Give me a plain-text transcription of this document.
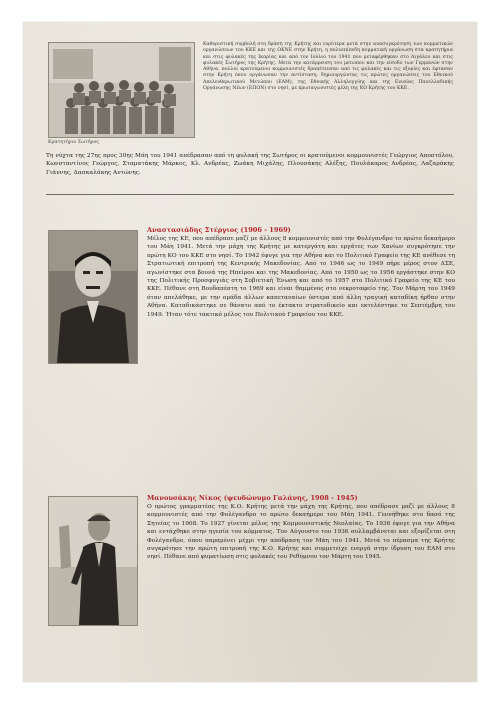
Κρατητήριο Σωτήρος

Καθοριστική συμβολή στη δράση της Κρήτης και ευρύτερα μετά στην ανασυγκρότηση των κομματικών οργανώσεων του ΚΚΕ και της ΟΚΝΕ στην Κρήτη, η πολυεπίπεδη κομματική οργάνωση στα κρατητήρια και στις φυλακές της Ικαρίας και από τον Ιούλιο του 1941 που μεταφέρθηκαν στο Αιγάλεο και στις φυλακές Σωτήρος της Κρήτης. Μετά την κατάρρευση του μετώπου και την είσοδο των Γερμανών στην Αθήνα, πολλοί κρατούμενοι κομμουνιστές δραπέτευσαν από τις φυλακές και τις εξορίες και έφτασαν στην Κρήτη όπου οργάνωσαν την αντίσταση, δημιουργώντας τις πρώτες οργανώσεις του Εθνικού Απελευθερωτικού Μετώπου (ΕΑΜ), της Εθνικής Αλληλεγγύης και της Ενιαίας Πανελλαδικής Οργάνωσης Νέων (ΕΠΟΝ) στο νησί, με πρωταγωνιστές μέλη της ΚΟ Κρήτης του ΚΚΕ.

Τη νύχτα της 27ης προς 30ης Μάη του 1941 απέδρασαν από τη φυλακή της Σωτήρος οι κρατούμενοι κομμουνιστές Γεώργιος Αποστόλου, Κωνσταντίνος Γεώργος, Σταματάκης Μάρκος, Κλ. Ανδρέας, Ζωάκη Μιχάλης, Πλουσάκης Αλέξης, Πουλάκαρος Ανδρέας, Λαζαράκης Γιάννης, Δασκαλάκης Αντώνης.

Αναστασιάδης Στέργιος (1906 - 1969)

Μέλος της ΚΕ, που απέδρασε μαζί με άλλους 8 κομμουνιστές από την Φολέγανδρο το πρώτο δεκαήμερο του Μάη 1941. Μετά την μάχη της Κρήτης με κατεργάτη και εργάτες των Χανίων συγκρότησε την πρώτη ΚΟ του ΚΚΕ στο νησί. Το 1942 έφυγε για την Αθήνα και το Πολιτικό Γραφείο της ΚΕ ανέθεσε τη Στρατιωτική επιτροπή της Κεντρικής Μακεδονίας. Από το 1946 ως το 1949 πήρε μέρος στον ΔΣΕ, αγωνίστηκε στα βουνά της Ηπείρου και της Μακεδονίας. Από το 1950 ως το 1956 εργάστηκε στην ΚΟ της Πολιτικής Προσφυγιάς στη Σοβιετική Ένωση και από το 1957 στο Πολιτικό Γραφείο της ΚΕ του ΚΚΕ. Πέθανε στη Βουδαπέστη το 1969 και είναι θαμμένος στο νεκροταφείο της. Τον Μάρτη του 1949 όταν απελάθηκε, με την ομάδα άλλων καπεταναίων ύστερα από άλλη τραγική καταδίκη ήρθαν στην Αθήνα. Καταδικάστηκε σε θάνατο από το έκτακτο στρατοδικείο και εκτελέστηκε το Σεπτέμβρη του 1949. Ήταν τότε τακτικό μέλος του Πολιτικού Γραφείου του ΚΚΕ.

Μανουσάκης Νίκος (ψευδώνυμο Γαλάνης, 1908 - 1945)

Ο πρώτος γραμματέας της Κ.Ο. Κρήτης μετά την μάχη της Κρήτης, που απέδρασε μαζί με άλλους 8 κομμουνιστές από την Φολέγανδρο το πρώτο δεκαήμερο του Μάη 1941. Γεννήθηκε στο δασό της Σητείας το 1908. Το 1927 γίνεται μέλος της Κομμουνιστικής Νεολαίας. Το 1936 έφυγε για την Αθήνα και εντάχθηκε στην ηγεσία του κόμματος. Τον Αύγουστο του 1936 συλλαμβάνεται και εξορίζεται στη Φολέγανδρο, όπου παραμένει μέχρι την απόδραση τον Μάη του 1941. Μετά το πέρασμα της Κρήτης συγκρότησε την πρώτη επιτροπή της Κ.Ο. Κρήτης και συμμετείχε ενεργά στην ίδρυση του ΕΑΜ στο νησί. Πέθανε από φυματίωση στις φυλακές του Ρεθύμνου τον Μάρτη του 1945.
